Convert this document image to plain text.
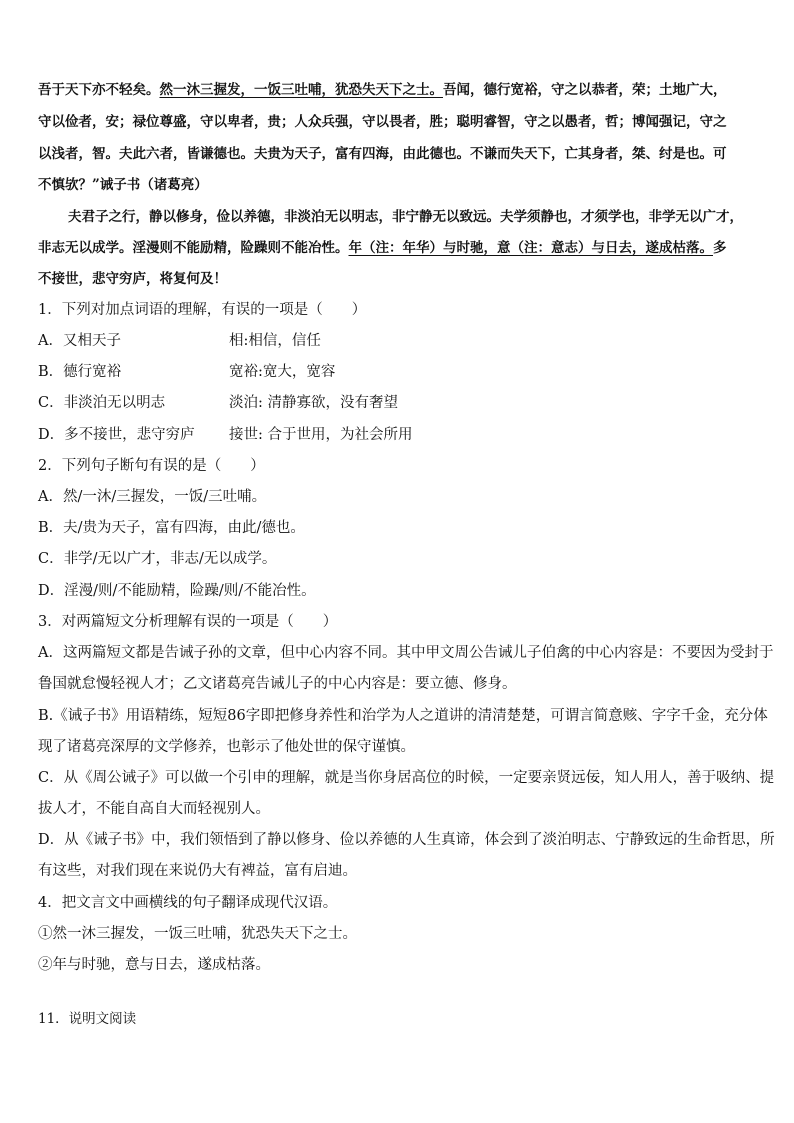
吾于天下亦不轻矣。然一沐三握发，一饭三吐哺，犹恐失天下之士。吾闻，德行宽裕，守之以恭者，荣；土地广大，
守以俭者，安；禄位尊盛，守以卑者，贵；人众兵强，守以畏者，胜；聪明睿智，守之以愚者，哲；博闻强记，守之
以浅者，智。夫此六者，皆谦德也。夫贵为天子，富有四海，由此德也。不谦而失天下，亡其身者，桀、纣是也。可
不慎欤？”诫子书（诸葛亮）
夫君子之行，静以修身，俭以养德，非淡泊无以明志，非宁静无以致远。夫学须静也，才须学也，非学无以广才，
非志无以成学。淫漫则不能励精，险躁则不能冶性。年（注：年华）与时驰，意（注：意志）与日去，遂成枯落。多
不接世，悲守穷庐，将复何及！
1．下列对加点词语的理解，有误的一项是（　　）
A．又相天子	相:相信，信任
B．德行宽裕	宽裕:宽大，宽容
C．非淡泊无以明志	淡泊: 清静寡欲，没有奢望
D．多不接世，悲守穷庐 接世: 合于世用，为社会所用
2．下列句子断句有误的是（　　）
A．然/一沐/三握发，一饭/三吐哺。
B．夫/贵为天子，富有四海，由此/德也。
C．非学/无以广才，非志/无以成学。
D．淫漫/则/不能励精，险躁/则/不能冶性。
3．对两篇短文分析理解有误的一项是（　　）
A．这两篇短文都是告诫子孙的文章，但中心内容不同。其中甲文周公告诫儿子伯禽的中心内容是：不要因为受封于
鲁国就怠慢轻视人才；乙文诸葛亮告诫儿子的中心内容是：要立德、修身。
B.《诫子书》用语精练，短短86字即把修身养性和治学为人之道讲的清清楚楚，可谓言简意赅、字字千金，充分体
现了诸葛亮深厚的文学修养，也彰示了他处世的保守谨慎。
C．从《周公诫子》可以做一个引申的理解，就是当你身居高位的时候，一定要亲贤远佞，知人用人，善于吸纳、提
拔人才，不能自高自大而轻视别人。
D．从《诫子书》中，我们领悟到了静以修身、俭以养德的人生真谛，体会到了淡泊明志、宁静致远的生命哲思，所
有这些，对我们现在来说仍大有裨益，富有启迪。
4．把文言文中画横线的句子翻译成现代汉语。
①然一沐三握发，一饭三吐哺，犹恐失天下之士。
②年与时驰，意与日去，遂成枯落。
11．说明文阅读
